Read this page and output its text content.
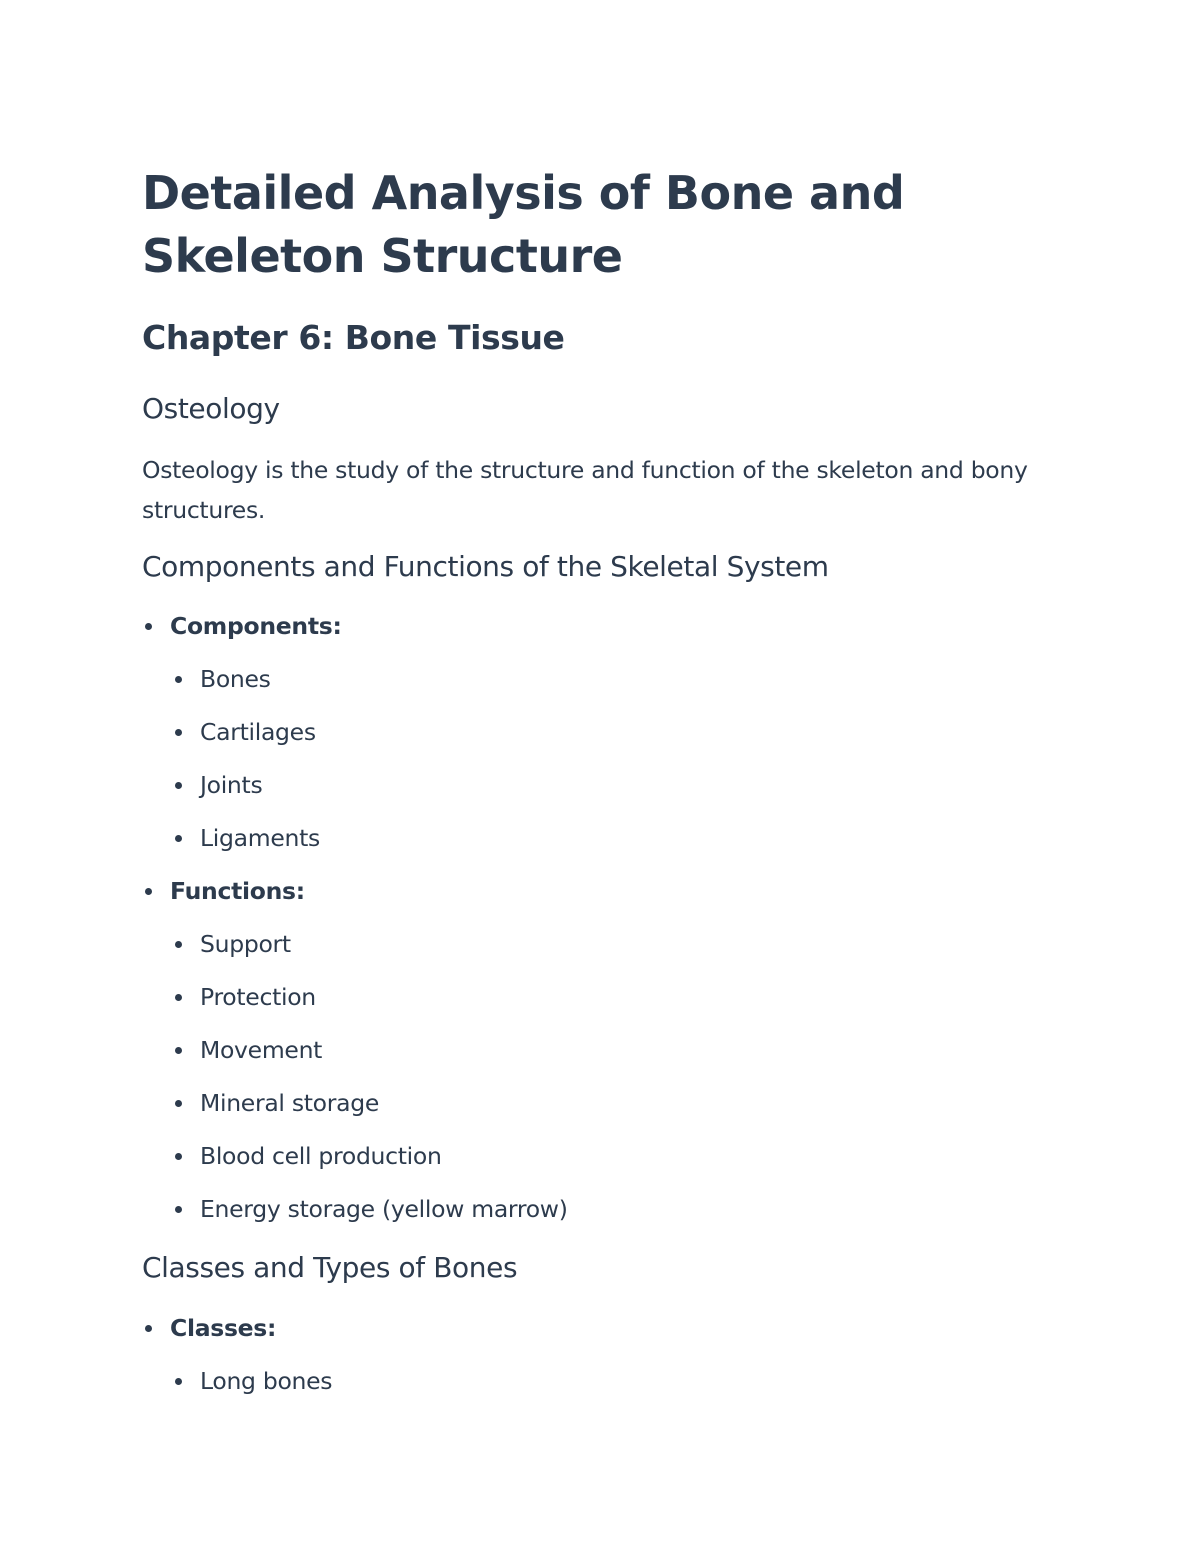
Detailed Analysis of Bone and Skeleton Structure
Chapter 6: Bone Tissue
Osteology

Osteology is the study of the structure and function of the skeleton and bony structures.

Components and Functions of the Skeletal System
Components:
Bones
Cartilages
Joints
Ligaments
Functions:
Support
Protection
Movement
Mineral storage
Blood cell production
Energy storage (yellow marrow)
Classes and Types of Bones
Classes:
Long bones
